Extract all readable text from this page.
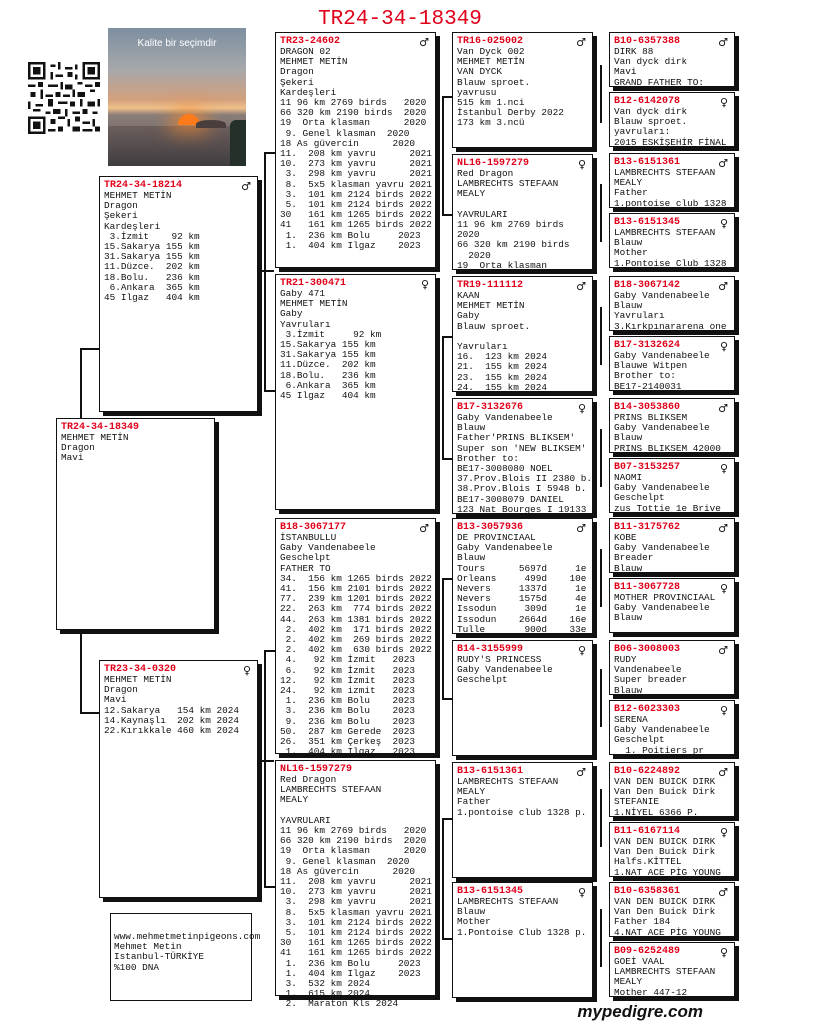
TR24-34-18349
Kalite bir seçimdir
TR24-34-18349
MEHMET METİN
Dragon
Mavi
TR24-34-18214	♂
MEHMET METİN
Dragon
Şekeri
Kardeşleri
3.İzmit    92 km
15.Sakarya 155 km
31.Sakarya 155 km
11.Düzce.  202 km
18.Bolu.   236 km
6.Ankara  365 km
45 Ilgaz   404 km
TR23-34-0320	♀
MEHMET METİN
Dragon
Mavi
12.Sakarya   154 km 2024
14.Kaynaşlı  202 km 2024
22.Kırıkkale 460 km 2024
TR23-24602	♂
DRAGON 02
MEHMET METİN
Dragon
Şekeri
Kardeşleri
11 96 km 2769 birds   2020
66 320 km 2190 birds  2020
19  Orta klasman      2020
9. Genel klasman  2020
18 As güvercin      2020
11.  208 km yavru      2021
10.  273 km yavru      2021
3.  298 km yavru      2021
8.  5x5 klasman yavru 2021
3.  101 km 2124 birds 2022
5.  101 km 2124 birds 2022
30   161 km 1265 birds 2022
41   161 km 1265 birds 2022
1.  236 km Bolu     2023
1.  404 km Ilgaz    2023
TR21-300471	♀
Gaby 471
MEHMET METİN
Gaby
Yavruları
3.İzmit     92 km
15.Sakarya 155 km
31.Sakarya 155 km
11.Düzce.  202 km
18.Bolu.   236 km
6.Ankara  365 km
45 Ilgaz   404 km
B18-3067177	♂
İSTANBULLU
Gaby Vandenabeele
Geschelpt
FATHER TO
34.  156 km 1265 birds 2022
41.  156 km 2101 birds 2022
77.  239 km 1201 birds 2022
22.  263 km  774 birds 2022
44.  263 km 1381 birds 2022
2.  402 km  171 birds 2022
2.  402 km  269 birds 2022
2.  402 km  630 birds 2022
4.   92 km İzmit   2023
6.   92 km İzmit   2023
12.   92 km İzmit   2023
24.   92 km izmit   2023
1.  236 km Bolu    2023
3.  236 km Bolu    2023
9.  236 km Bolu    2023
50.  287 km Gerede  2023
26.  351 km Çerkeş  2023
1.  404 km Ilgaz   2023
NL16-1597279
Red Dragon
LAMBRECHTS STEFAAN
MEALY

YAVRULARI
11 96 km 2769 birds   2020
66 320 km 2190 birds  2020
19  Orta klasman      2020
9. Genel klasman  2020
18 As güvercin      2020
11.  208 km yavru      2021
10.  273 km yavru      2021
3.  298 km yavru      2021
8.  5x5 klasman yavru 2021
3.  101 km 2124 birds 2022
5.  101 km 2124 birds 2022
30   161 km 1265 birds 2022
41   161 km 1265 birds 2022
1.  236 km Bolu     2023
1.  404 km Ilgaz    2023
3.  532 km 2024
1.  615 km 2024
2.  Maraton Kls 2024
TR16-025002	♂
Van Dyck 002
MEHMET METİN
VAN DYCK
Blauw sproet.
yavrusu
515 km 1.nci
İstanbul Derby 2022
173 km 3.ncü
NL16-1597279	♀
Red Dragon
LAMBRECHTS STEFAAN
MEALY

YAVRULARI
11 96 km 2769 birds
2020
66 320 km 2190 birds
2020
19  Orta klasman
TR19-111112	♂
KAAN
MEHMET METİN
Gaby
Blauw sproet.

Yavruları
16.  123 km 2024
21.  155 km 2024
23.  155 km 2024
24.  155 km 2024
B17-3132676	♀
Gaby Vandenabeele
Blauw
Father'PRINS BLIKSEM'
Super son 'NEW BLIKSEM'
Brother to:
BE17-3008080 NOEL
37.Prov.Blois II 2380 b.
38.Prov.Blois I 5948 b.
BE17-3008079 DANIEL
123 Nat Bourges I 19133
B13-3057936	♂
DE PROVINCIAAL
Gaby Vandenabeele
Blauw
Tours      5697d     1e
Orleans     499d    10e
Nevers     1337d     1e
Nevers     1575d     4e
Issodun     309d     1e
Issodun    2664d    16e
Tulle       900d    33e
B14-3155999	♀
RUDY'S PRINCESS
Gaby Vandenabeele
Geschelpt
B13-6151361	♂
LAMBRECHTS STEFAAN
MEALY
Father
1.pontoise club 1328 p.
B13-6151345	♀
LAMBRECHTS STEFAAN
Blauw
Mother
1.Pontoise Club 1328 p.
B10-6357388	♂
DIRK 88
Van dyck dirk
Mavi
GRAND FATHER TO:
B12-6142078	♀
Van dyck dirk
Blauw sproet.
yavruları:
2015 ESKİŞEHİR FİNAL
B13-6151361	♂
LAMBRECHTS STEFAAN
MEALY
Father
1.pontoise club 1328
B13-6151345	♀
LAMBRECHTS STEFAAN
Blauw
Mother
1.Pontoise Club 1328
B18-3067142	♂
Gaby Vandenabeele
Blauw
Yavruları
3.Kırkpınararena one
B17-3132624	♀
Gaby Vandenabeele
Blauwe Witpen
Brother to:
BE17-2140031
B14-3053860	♂
PRINS BLIKSEM
Gaby Vandenabeele
Blauw
PRINS BLIKSEM 42000
B07-3153257	♀
NAOMI
Gaby Vandenabeele
Geschelpt
zus Tottie 1e Brive
B11-3175762	♂
KOBE
Gaby Vandenabeele
Breader
Blauw
B11-3067728	♀
MOTHER PROVINCIAAL
Gaby Vandenabeele
Blauw
B06-3008003	♂
RUDY
Vandenabeele
Super breader
Blauw
B12-6023303	♀
SERENA
Gaby Vandenabeele
Geschelpt
1. Poitiers pr
B10-6224892	♂
VAN DEN BUICK DIRK
Van Den Buick Dirk
STEFANIE
1.NİYEL 6366 P.
B11-6167114	♀
VAN DEN BUICK DIRK
Van Den Buick Dirk
Halfs.KİTTEL
1.NAT ACE PİG YOUNG
B10-6358361	♂
VAN DEN BUICK DIRK
Van Den Buick Dirk
Father 184
4.NAT ACE PİG YOUNG
B09-6252489	♀
GOEİ VAAL
LAMBRECHTS STEFAAN
MEALY
Mother 447-12
www.mehmetmetinpigeons.com
Mehmet Metin
Istanbul-TÜRKİYE
%100 DNA
mypedigre.com
